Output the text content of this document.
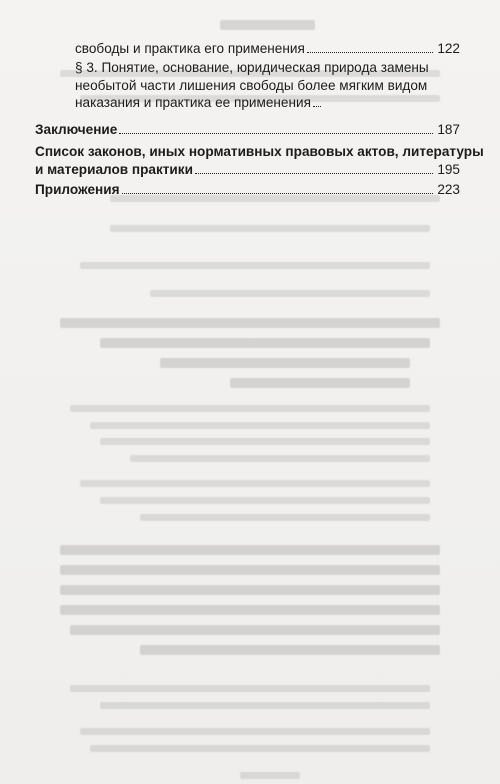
свободы и практика его применения	122
§ 3. Понятие, основание, юридическая природа замены
необытой части лишения свободы более мягким видом
наказания и практика ее применения
Заключение	187
Список законов, иных нормативных правовых актов, литературы
и материалов практики	195
Приложения	223
